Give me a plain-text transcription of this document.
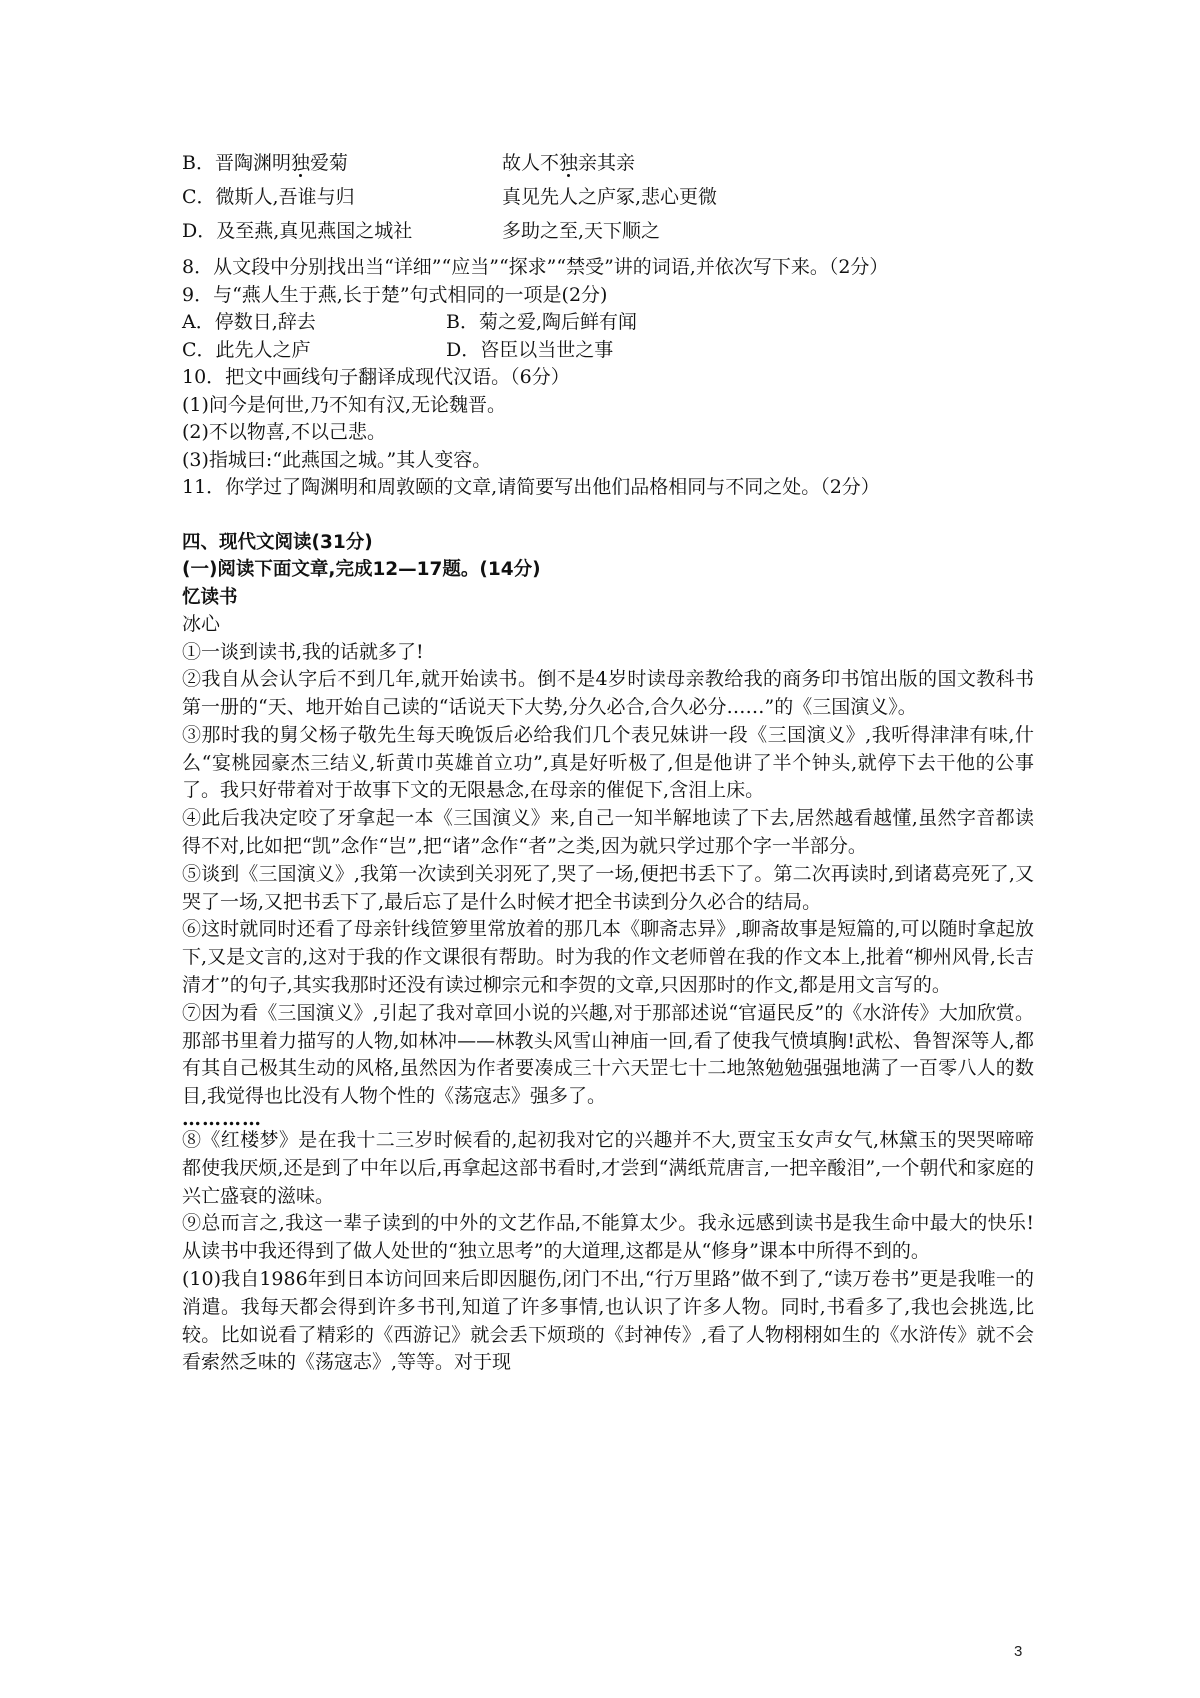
B．晋陶渊明独爱菊	故人不独亲其亲
C．微斯人,吾谁与归	真见先人之庐冢,悲心更微
D．及至燕,真见燕国之城社	多助之至,天下顺之

8．从文段中分别找出当“详细”“应当”“探求”“禁受”讲的词语,并依次写下来。（2分）

9．与“燕人生于燕,长于楚”句式相同的一项是(2分)

A．停数日,辞去	B．菊之爱,陶后鲜有闻
C．此先人之庐	D．咨臣以当世之事

10．把文中画线句子翻译成现代汉语。（6分）

(1)问今是何世,乃不知有汉,无论魏晋。

(2)不以物喜,不以己悲。

(3)指城曰:“此燕国之城。”其人变容。

11．你学过了陶渊明和周敦颐的文章,请简要写出他们品格相同与不同之处。（2分）

四、现代文阅读(31分)

(一)阅读下面文章,完成12—17题。(14分)

忆读书

冰心

①一谈到读书,我的话就多了!

②我自从会认字后不到几年,就开始读书。倒不是4岁时读母亲教给我的商务印书馆出版的国文教科书第一册的“天、地开始自己读的“话说天下大势,分久必合,合久必分……”的《三国演义》。

③那时我的舅父杨子敬先生每天晚饭后必给我们几个表兄妹讲一段《三国演义》,我听得津津有味,什么“宴桃园豪杰三结义,斩黄巾英雄首立功”,真是好听极了,但是他讲了半个钟头,就停下去干他的公事了。我只好带着对于故事下文的无限悬念,在母亲的催促下,含泪上床。

④此后我决定咬了牙拿起一本《三国演义》来,自己一知半解地读了下去,居然越看越懂,虽然字音都读得不对,比如把“凯”念作“岂”,把“诸”念作“者”之类,因为就只学过那个字一半部分。

⑤谈到《三国演义》,我第一次读到关羽死了,哭了一场,便把书丢下了。第二次再读时,到诸葛亮死了,又哭了一场,又把书丢下了,最后忘了是什么时候才把全书读到分久必合的结局。

⑥这时就同时还看了母亲针线笸箩里常放着的那几本《聊斋志异》,聊斋故事是短篇的,可以随时拿起放下,又是文言的,这对于我的作文课很有帮助。时为我的作文老师曾在我的作文本上,批着“柳州风骨,长吉清才”的句子,其实我那时还没有读过柳宗元和李贺的文章,只因那时的作文,都是用文言写的。

⑦因为看《三国演义》,引起了我对章回小说的兴趣,对于那部述说“官逼民反”的《水浒传》大加欣赏。那部书里着力描写的人物,如林冲——林教头风雪山神庙一回,看了使我气愤填胸!武松、鲁智深等人,都有其自己极其生动的风格,虽然因为作者要凑成三十六天罡七十二地煞勉勉强强地满了一百零八人的数目,我觉得也比没有人物个性的《荡寇志》强多了。

…………

⑧《红楼梦》是在我十二三岁时候看的,起初我对它的兴趣并不大,贾宝玉女声女气,林黛玉的哭哭啼啼都使我厌烦,还是到了中年以后,再拿起这部书看时,才尝到“满纸荒唐言,一把辛酸泪”,一个朝代和家庭的兴亡盛衰的滋味。

⑨总而言之,我这一辈子读到的中外的文艺作品,不能算太少。我永远感到读书是我生命中最大的快乐!从读书中我还得到了做人处世的“独立思考”的大道理,这都是从“修身”课本中所得不到的。

(10)我自1986年到日本访问回来后即因腿伤,闭门不出,“行万里路”做不到了,“读万卷书”更是我唯一的消遣。我每天都会得到许多书刊,知道了许多事情,也认识了许多人物。同时,书看多了,我也会挑选,比较。比如说看了精彩的《西游记》就会丢下烦琐的《封神传》,看了人物栩栩如生的《水浒传》就不会看索然乏味的《荡寇志》,等等。对于现

3
